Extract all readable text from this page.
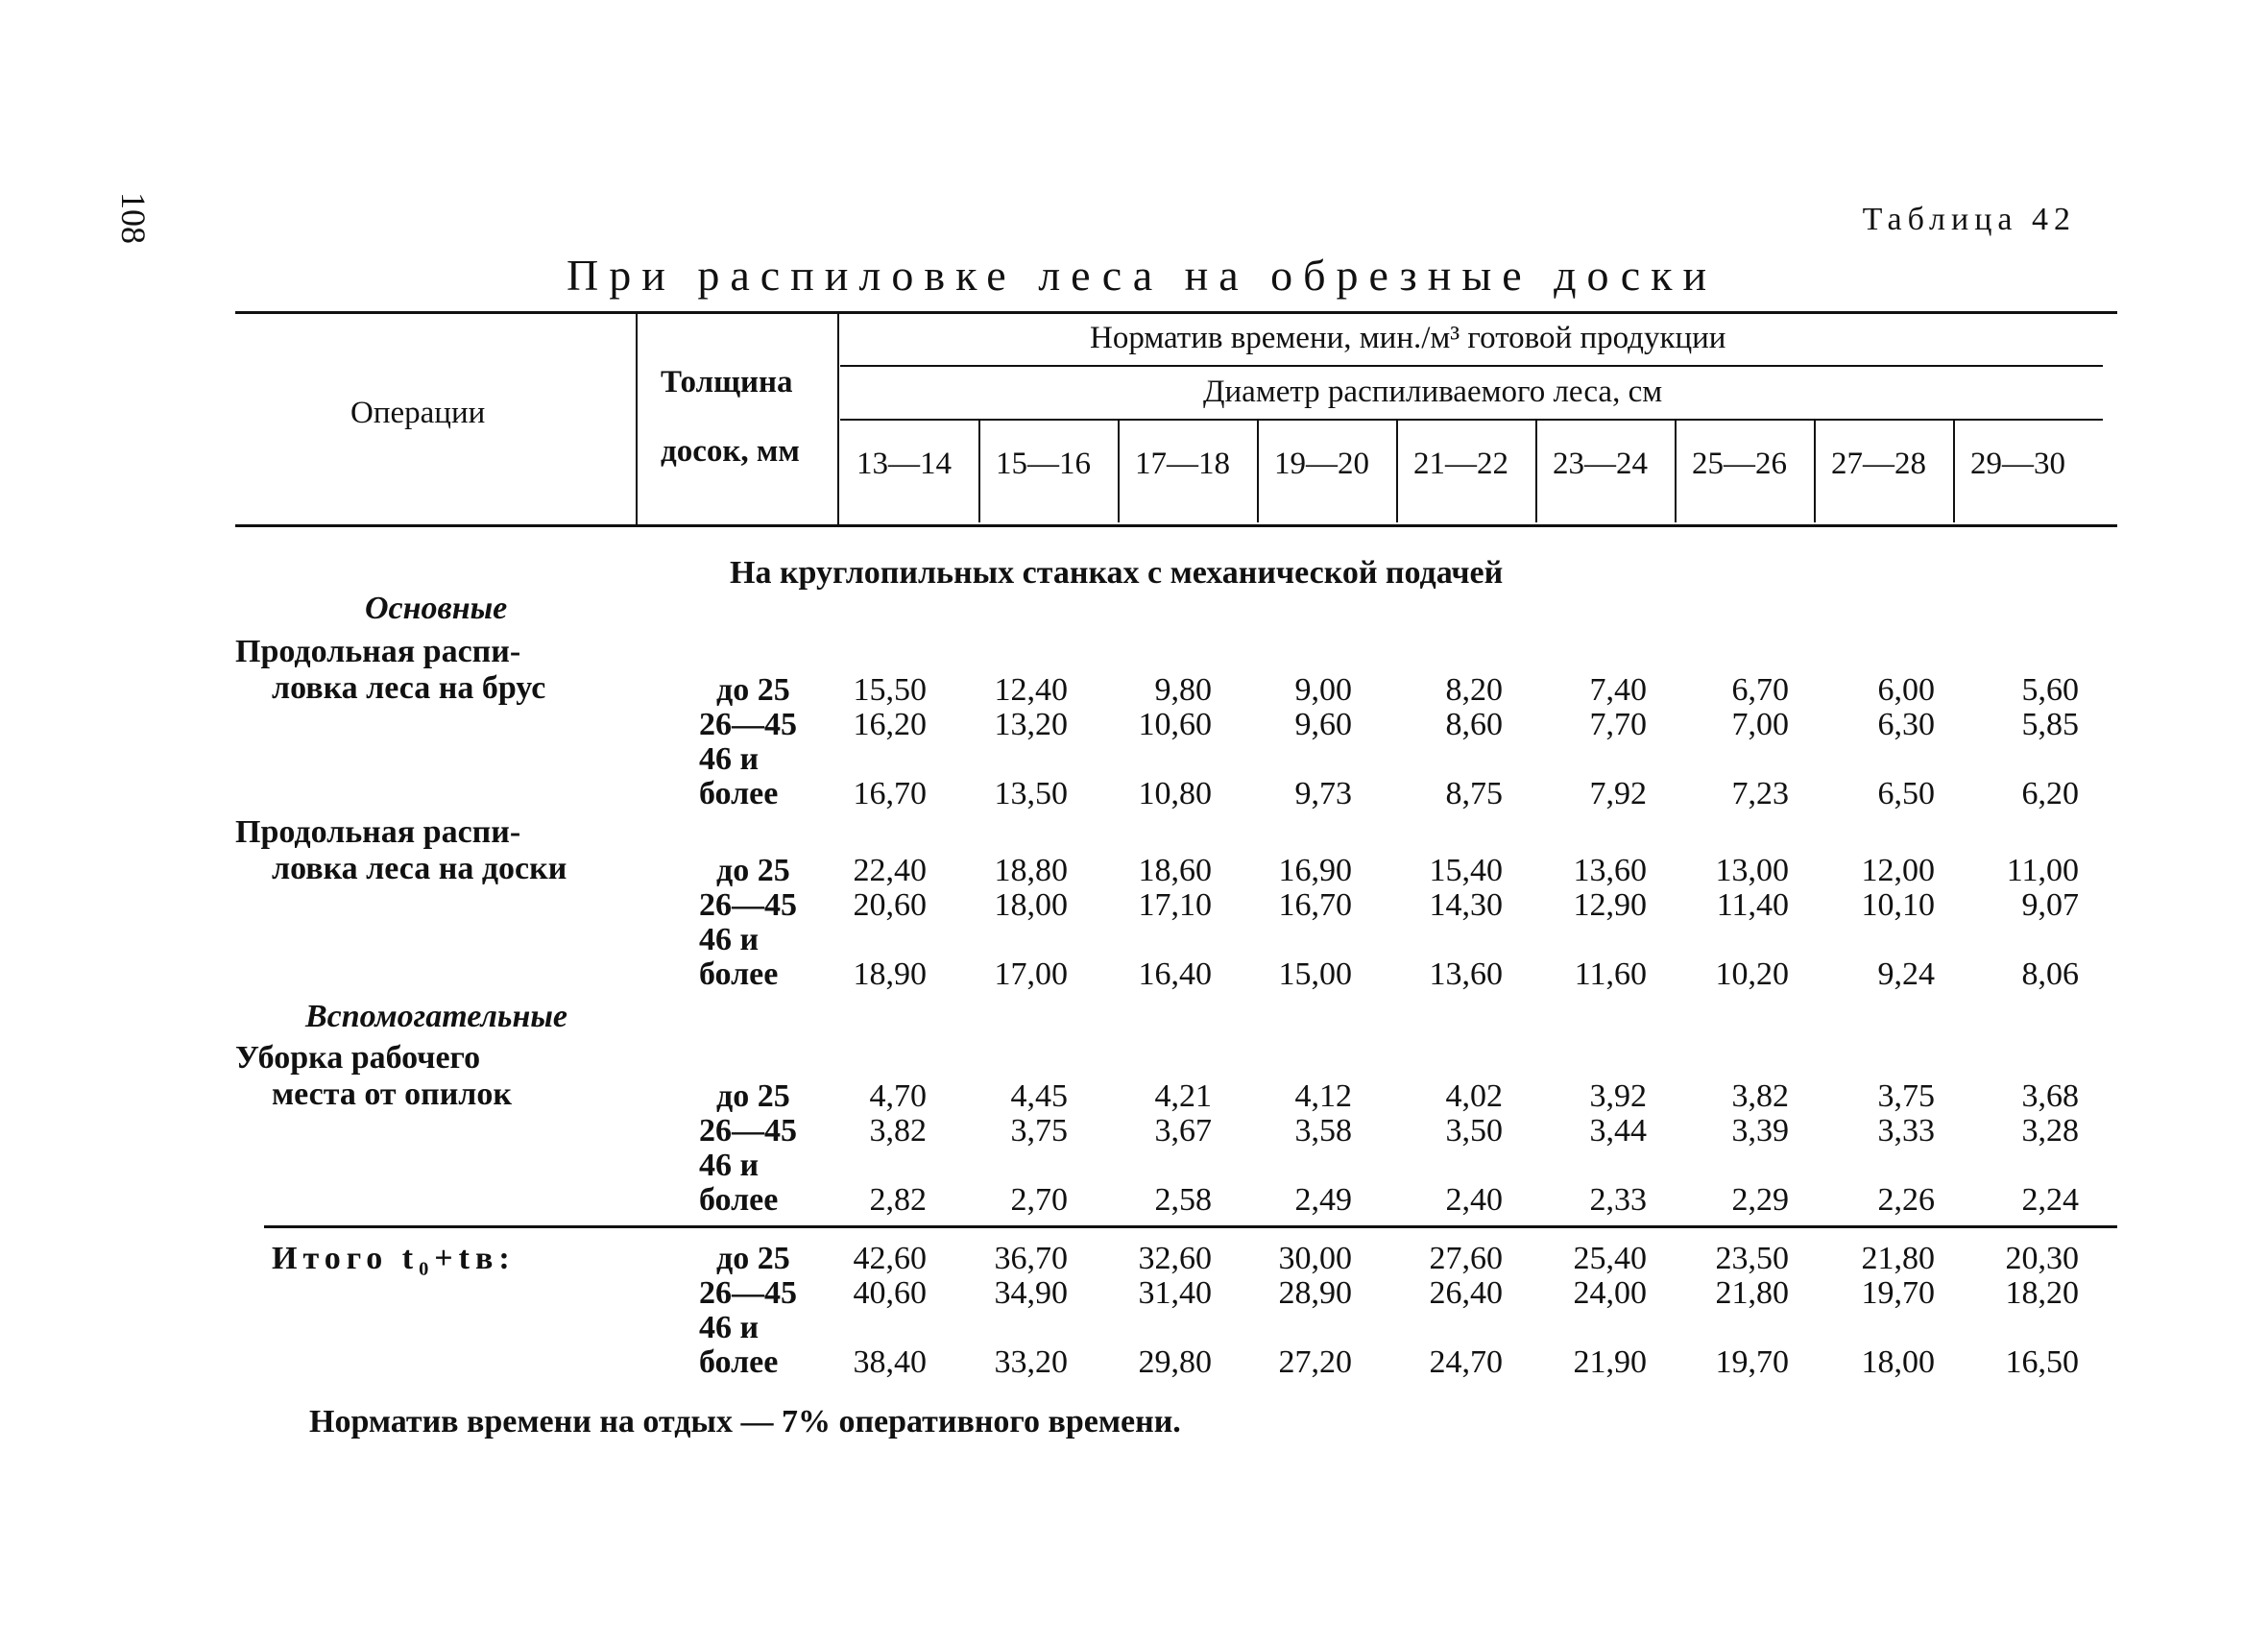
108	Таблица 42
При распиловке леса на обрезные доски
Операции
Толщина
досок, мм
Норматив времени, мин./м³ готовой продукции
Диаметр распиливаемого леса, см
13—14 15—16 17—18 19—20 21—22 23—24 25—26 27—28 29—30
На круглопильных станках с механической подачей
Основные
Продольная распи-
ловка леса на брус	до 25	15,50	12,40	9,80	9,00	8,20	7,40	6,70	6,00	5,60
26—45	16,20	13,20	10,60	9,60	8,60	7,70	7,00	6,30	5,85
46 и
более	16,70	13,50	10,80	9,73	8,75	7,92	7,23	6,50	6,20
Продольная распи-
ловка леса на доски	до 25	22,40	18,80	18,60	16,90	15,40	13,60	13,00	12,00	11,00
26—45	20,60	18,00	17,10	16,70	14,30	12,90	11,40	10,10	9,07
46 и
более	18,90	17,00	16,40	15,00	13,60	11,60	10,20	9,24	8,06
Уборка рабочего
места от опилок	до 25	4,70	4,45	4,21	4,12	4,02	3,92	3,82	3,75	3,68
26—45	3,82	3,75	3,67	3,58	3,50	3,44	3,39	3,33	3,28
46 и
более	2,82	2,70	2,58	2,49	2,40	2,33	2,29	2,26	2,24
Итого t₀+tв:	до 25	42,60	36,70	32,60	30,00	27,60	25,40	23,50	21,80	20,30
26—45	40,60	34,90	31,40	28,90	26,40	24,00	21,80	19,70	18,20
46 и
более	38,40	33,20	29,80	27,20	24,70	21,90	19,70	18,00	16,50
Вспомогательные
Норматив времени на отдых — 7% оперативного времени.
